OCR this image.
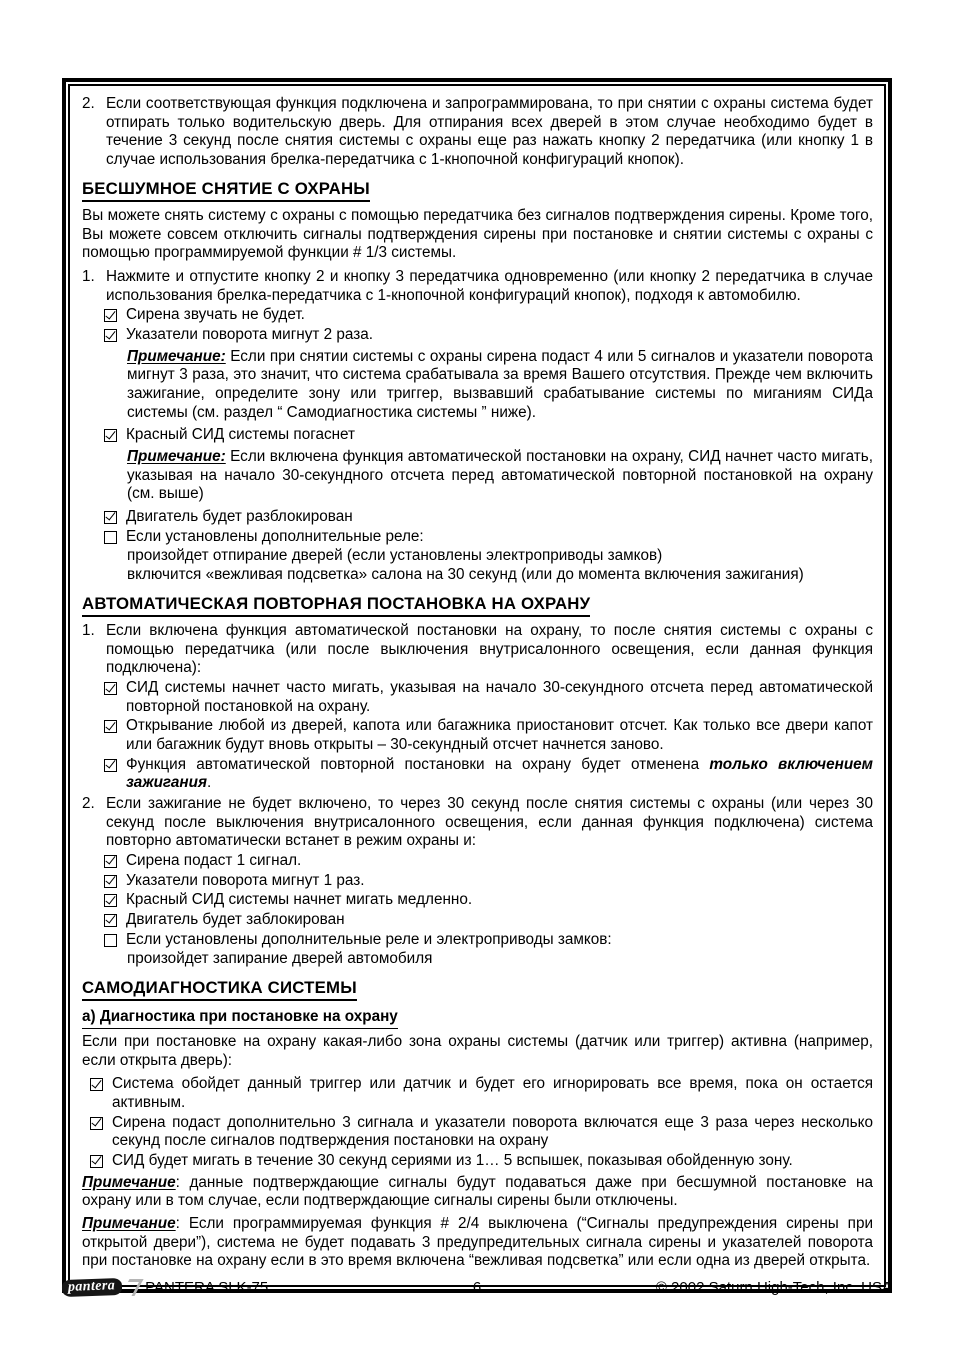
2. Если соответствующая функция подключена и запрограммирована, то при снятии с охраны система будет отпирать только водительскую дверь. Для отпирания всех дверей в этом случае необходимо будет в течение 3 секунд после снятия системы с охраны еще раз нажать кнопку 2 передатчика (или кнопку 1 в случае использования брелка-передатчика с 1-кнопочной конфигураций кнопок).
БЕСШУМНОЕ СНЯТИЕ С ОХРАНЫ

Вы можете снять систему с охраны с помощью передатчика без сигналов подтверждения сирены. Кроме того, Вы можете совсем отключить сигналы подтверждения сирены при постановке и снятии системы с охраны с помощью программируемой функции # 1/3 системы.

1. Нажмите и отпустите кнопку 2 и кнопку 3 передатчика одновременно (или кнопку 2 передатчика в случае использования брелка-передатчика с 1-кнопочной конфигураций кнопок), подходя к автомобилю.
Сирена звучать не будет.
Указатели поворота мигнут 2 раза.

Примечание: Если при снятии системы с охраны сирена подаст 4 или 5 сигналов и указатели поворота мигнут 3 раза, это значит, что система срабатывала за время Вашего отсутствия. Прежде чем включить зажигание, определите зону или триггер, вызвавший срабатывание системы по миганиям СИДа системы (см. раздел “ Самодиагностика системы ” ниже).

Красный СИД системы погаснет

Примечание: Если включена функция автоматической постановки на охрану, СИД начнет часто мигать, указывая на начало 30-секундного отсчета перед автоматической повторной постановкой на охрану (см. выше)

Двигатель будет разблокирован
Если установлены дополнительные реле:
произойдет отпирание дверей (если установлены электроприводы замков)
включится «вежливая подсветка» салона на 30 секунд (или до момента включения зажигания)
АВТОМАТИЧЕСКАЯ ПОВТОРНАЯ ПОСТАНОВКА НА ОХРАНУ
1. Если включена функция автоматической постановки на охрану, то после снятия системы с охраны с помощью передатчика (или после выключения внутрисалонного освещения, если данная функция подключена):
СИД системы начнет часто мигать, указывая на начало 30-секундного отсчета перед автоматической повторной постановкой на охрану.
Открывание любой из дверей, капота или багажника приостановит отсчет. Как только все двери капот или багажник будут вновь открыты – 30-секундный отсчет начнется заново.
Функция автоматической повторной постановки на охрану будет отменена только включением зажигания.
2. Если зажигание не будет включено, то через 30 секунд после снятия системы с охраны (или через 30 секунд после выключения внутрисалонного освещения, если данная функция подключена) система повторно автоматически встанет в режим охраны и:
Сирена подаст 1 сигнал.
Указатели поворота мигнут 1 раз.
Красный СИД системы начнет мигать медленно.
Двигатель будет заблокирован
Если установлены дополнительные реле и электроприводы замков:
произойдет запирание дверей автомобиля
САМОДИАГНОСТИКА СИСТЕМЫ
а) Диагностика при постановке на охрану

Если при постановке на охрану какая-либо зона охраны системы (датчик или триггер) активна (например, если открыта дверь):

Система обойдет данный триггер или датчик и будет его игнорировать все время, пока он остается активным.
Сирена подаст дополнительно 3 сигнала и указатели поворота включатся еще 3 раза через несколько секунд после сигналов подтверждения постановки на охрану
СИД будет мигать в течение 30 секунд сериями из 1… 5 вспышек, показывая обойденную зону.

Примечание: данные подтверждающие сигналы будут подаваться даже при бесшумной постановке на охрану или в том случае, если подтверждающие сигналы сирены были отключены.

Примечание: Если программируемая функция # 2/4 выключена (“Сигналы предупреждения сирены при открытой двери”), система не будет подавать 3 предупредительных сигнала сирены и указателей поворота при постановке на охрану если в это время включена “вежливая подсветка” или если одна из дверей открыта.

pantera	PANTERA SLK-75	6	© 2002 Saturn High-Tech, Inc. USA
